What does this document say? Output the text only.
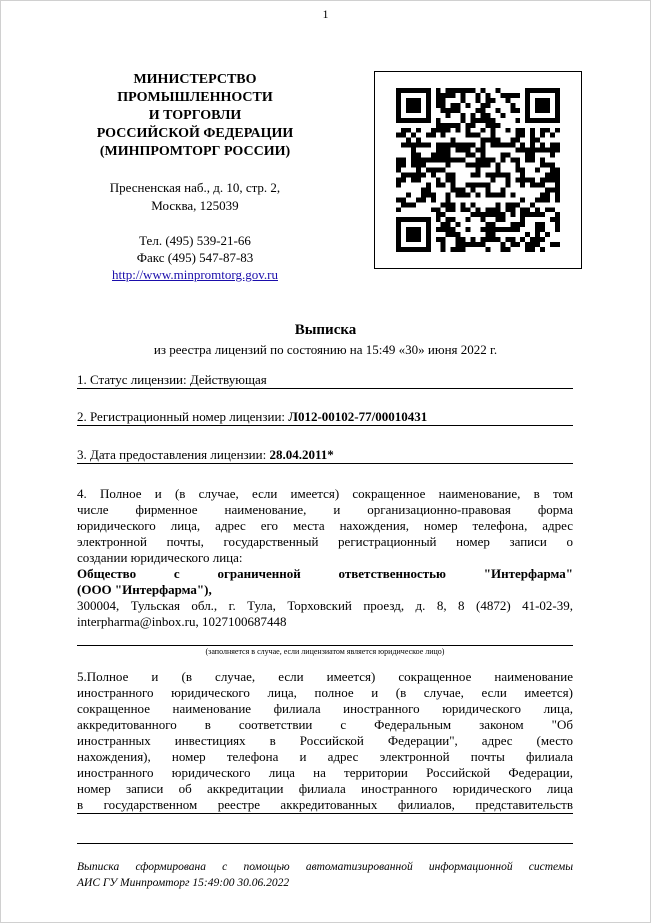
1
МИНИСТЕРСТВО
ПРОМЫШЛЕННОСТИ
И ТОРГОВЛИ
РОССИЙСКОЙ ФЕДЕРАЦИИ
(МИНПРОМТОРГ РОССИИ)
Пресненская наб., д. 10, стр. 2,
Москва, 125039
Тел. (495) 539-21-66
Факс (495) 547-87-83
http://www.minpromtorg.gov.ru
Выписка
из реестра лицензий по состоянию на 15:49 «30» июня 2022 г.
1. Статус лицензии: Действующая
2. Регистрационный номер лицензии: Л012-00102-77/00010431
3. Дата предоставления лицензии: 28.04.2011*
4. Полное и (в случае, если имеется) сокращенное наименование, в том
числе фирменное наименование, и организационно-правовая форма
юридического лица, адрес его места нахождения, номер телефона, адрес
электронной почты, государственный регистрационный номер записи о
создании юридического лица:
Общество с ограниченной ответственностью "Интерфарма"
(ООО "Интерфарма"),
300004, Тульская обл., г. Тула, Торховский проезд, д. 8, 8 (4872) 41-02-39,
interpharma@inbox.ru, 1027100687448
(заполняется в случае, если лицензиатом является юридическое лицо)
5.Полное и (в случае, если имеется) сокращенное наименование
иностранного юридического лица, полное и (в случае, если имеется)
сокращенное наименование филиала иностранного юридического лица,
аккредитованного в соответствии с Федеральным законом "Об
иностранных инвестициях в Российской Федерации", адрес (место
нахождения), номер телефона и адрес электронной почты филиала
иностранного юридического лица на территории Российской Федерации,
номер записи об аккредитации филиала иностранного юридического лица
в государственном реестре аккредитованных филиалов, представительств
Выписка сформирована с помощью автоматизированной информационной системы
АИС ГУ Минпромторг 15:49:00 30.06.2022
